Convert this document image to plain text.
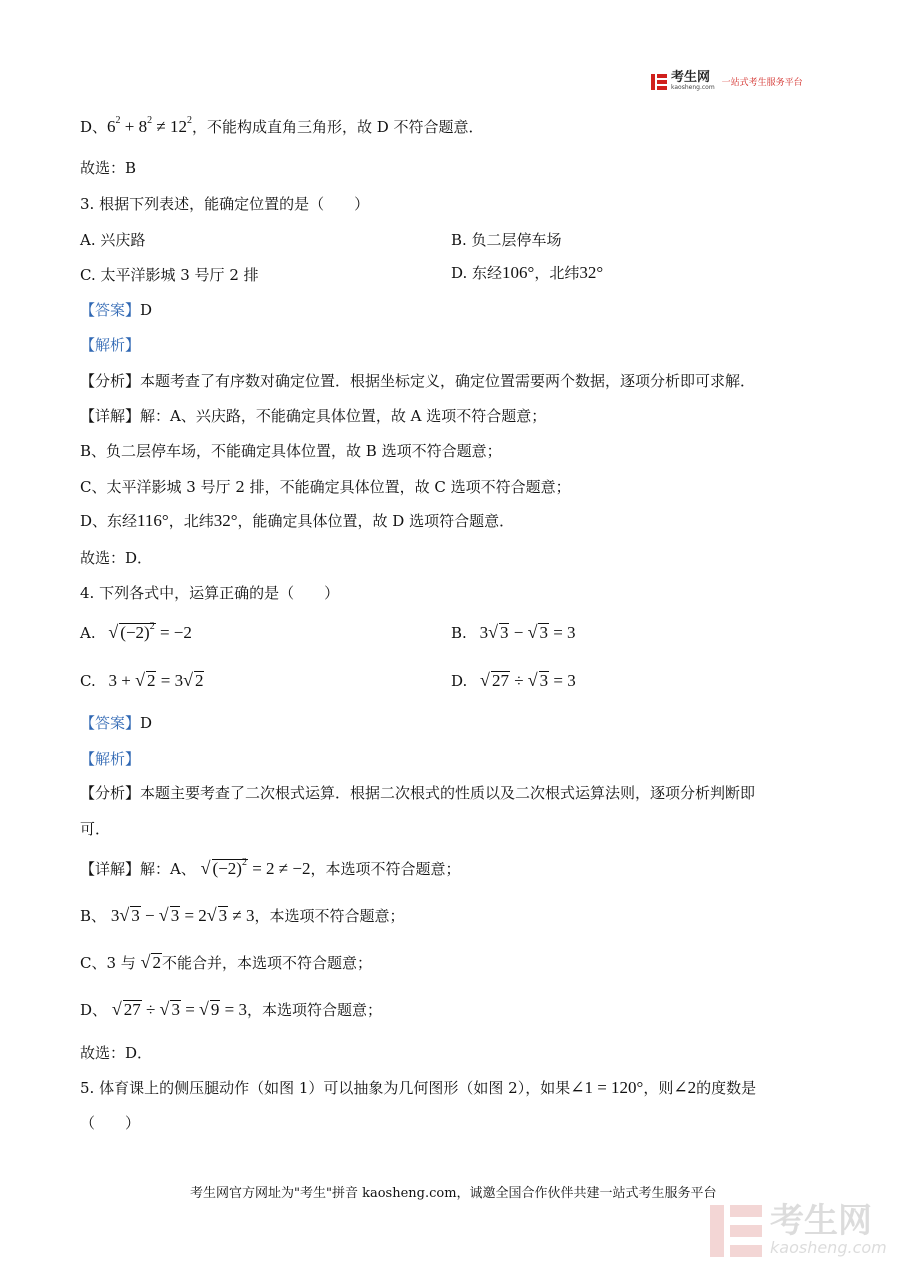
考生网
kaosheng.com 一站式考生服务平台
D、$6^2 + 8^2 \ne 12^2$，不能构成直角三角形，故 D 不符合题意．
故选：B
3. 根据下列表述，能确定位置的是（　　）
A. 兴庆路	B. 负二层停车场
C. 太平洋影城 3 号厅 2 排	D. 东经106°，北纬32°
【答案】D
【解析】
【分析】本题考查了有序数对确定位置．根据坐标定义，确定位置需要两个数据，逐项分析即可求解．
【详解】解：A、兴庆路，不能确定具体位置，故 A 选项不符合题意；
B、负二层停车场，不能确定具体位置，故 B 选项不符合题意；
C、太平洋影城 3 号厅 2 排，不能确定具体位置，故 C 选项不符合题意；
D、东经116°，北纬32°，能确定具体位置，故 D 选项符合题意．
故选：D．
4. 下列各式中，运算正确的是（　　）
A. √ $(-2)^2 = -2$	B. 3√ 3 − √ 3 = 3
C. 3 + √ 2 = 3√ 2	D. √ 27 ÷ √ 3 = 3
【答案】D
【解析】
【分析】本题主要考查了二次根式运算．根据二次根式的性质以及二次根式运算法则，逐项分析判断即
可．
【详解】解：A、 √ $(-2)^2 = 2 \ne -2$，本选项不符合题意；
B、 3√ 3 − √ 3 = 2√ 3 ≠ 3，本选项不符合题意；
C、3 与 √ 2不能合并，本选项不符合题意；
D、 √ 27 ÷ √ 3 = √ 9 = 3，本选项符合题意；
故选：D．
5. 体育课上的侧压腿动作（如图 1）可以抽象为几何图形（如图 2），如果∠1 = 120°，则∠2的度数是
（　　）
考生网官方网址为"考生"拼音 kaosheng.com，诚邀全国合作伙伴共建一站式考生服务平台
考生网
kaosheng.com
